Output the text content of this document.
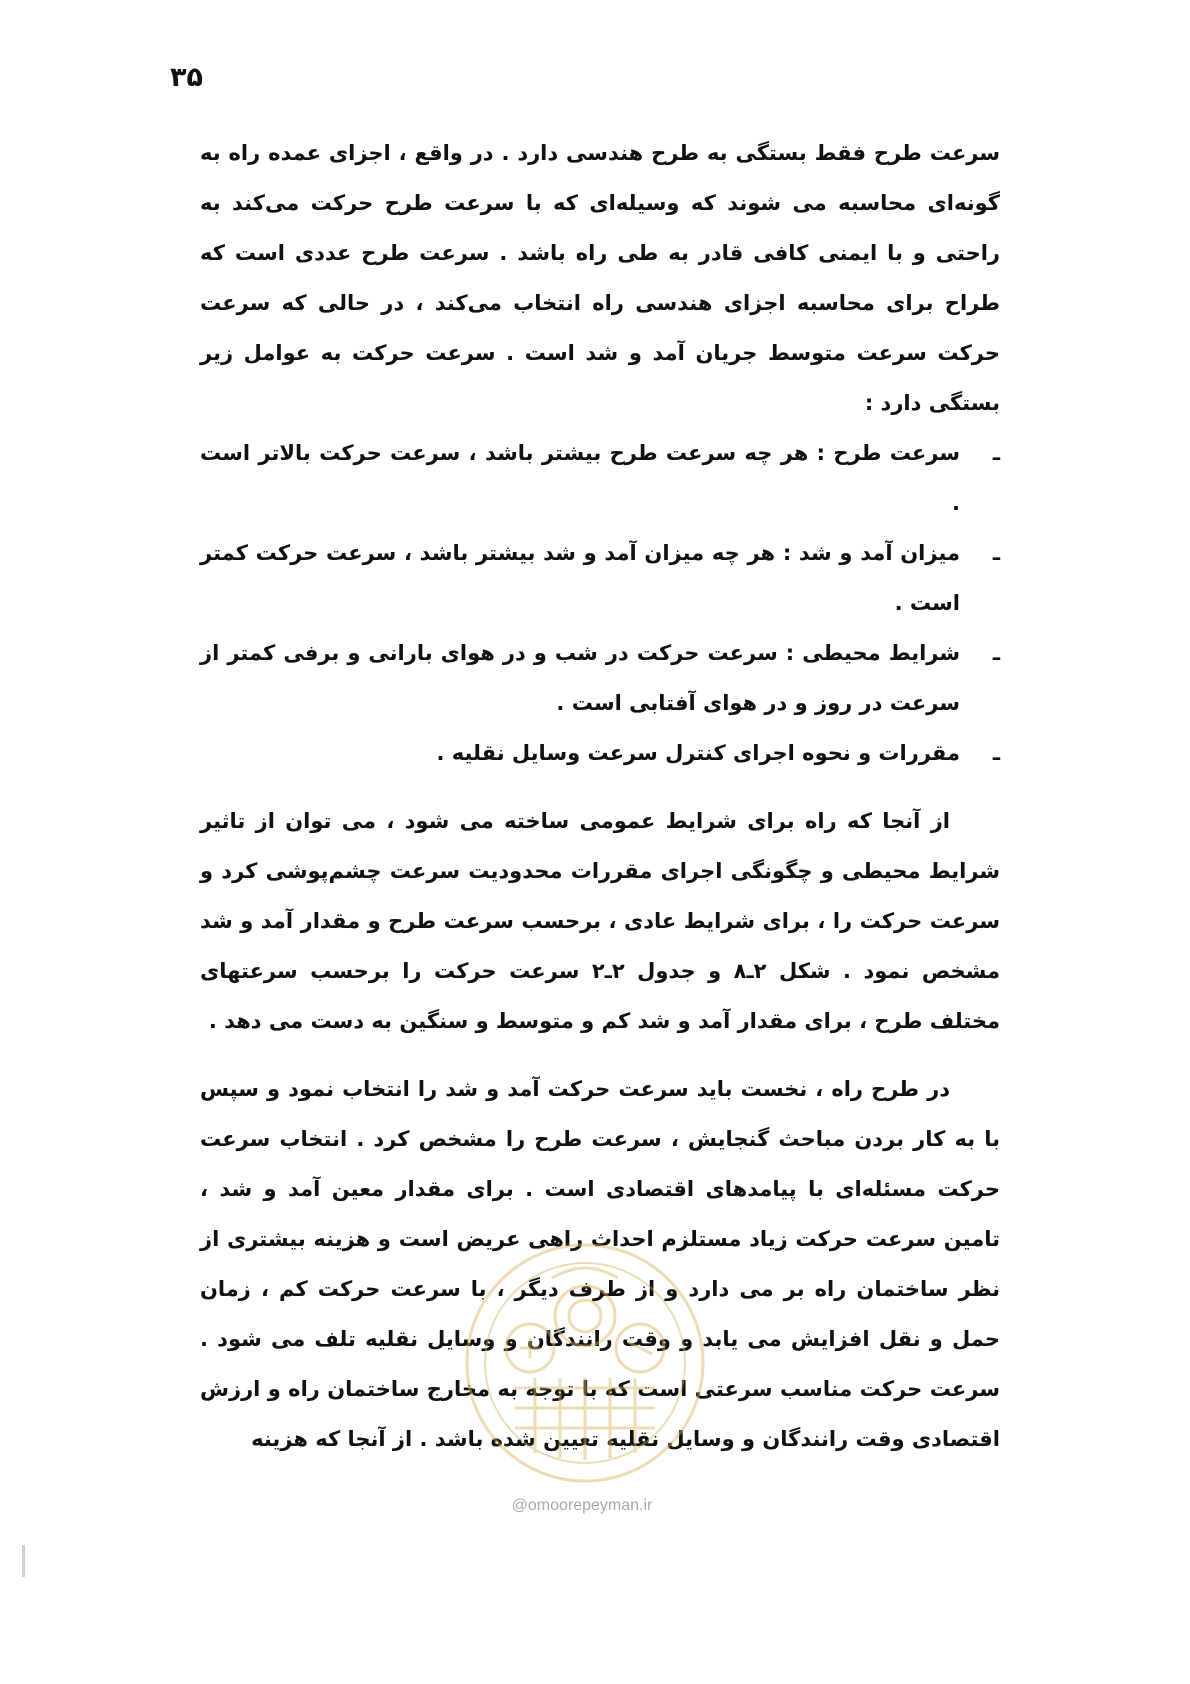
۳۵

سرعت طرح فقط بستگی به طرح هندسی دارد . در واقع ، اجزای عمده راه به گونه‌ای محاسبه می شوند که وسیله‌ای که با سرعت طرح حرکت می‌کند به راحتی و با ایمنی کافی قادر به طی راه باشد . سرعت طرح عددی است که طراح برای محاسبه اجزای هندسی راه انتخاب می‌کند ، در حالی که سرعت حرکت سرعت متوسط جریان آمد و شد است . سرعت حرکت به عوامل زیر بستگی دارد :

ـ
سرعت طرح : هر چه سرعت طرح بیشتر باشد ، سرعت حرکت بالاتر است .
ـ
میزان آمد و شد : هر چه میزان آمد و شد بیشتر باشد ، سرعت حرکت کمتر است .
ـ
شرایط محیطی : سرعت حرکت در شب و در هوای بارانی و برفی کمتر از سرعت در روز و در هوای آفتابی است .
ـ
مقررات و نحوه اجرای کنترل سرعت وسایل نقلیه .

از آنجا که راه برای شرایط عمومی ساخته می شود ، می توان از تاثیر شرایط محیطی و چگونگی اجرای مقررات محدودیت سرعت چشم‌پوشی کرد و سرعت حرکت را ، برای شرایط عادی ، برحسب سرعت طرح و مقدار آمد و شد مشخص نمود . شکل ۲ـ۸ و جدول ۲ـ۲ سرعت حرکت را برحسب سرعتهای مختلف طرح ، برای مقدار آمد و شد کم و متوسط و سنگین به دست می دهد .

در طرح راه ، نخست باید سرعت حرکت آمد و شد را انتخاب نمود و سپس با به کار بردن مباحث گنجایش ، سرعت طرح را مشخص کرد . انتخاب سرعت حرکت مسئله‌ای با پیامدهای اقتصادی است . برای مقدار معین آمد و شد ، تامین سرعت حرکت زیاد مستلزم احداث راهی عریض است و هزینه بیشتری از نظر ساختمان راه بر می دارد و از طرف دیگر ، با سرعت حرکت کم ، زمان حمل و نقل افزایش می یابد و وقت رانندگان و وسایل نقلیه تلف می شود . سرعت حرکت مناسب سرعتی است که با توجه به مخارج ساختمان راه و ارزش اقتصادی وقت رانندگان و وسایل نقلیه تعیین شده باشد . از آنجا که هزینه

@omoorepeyman.ir
